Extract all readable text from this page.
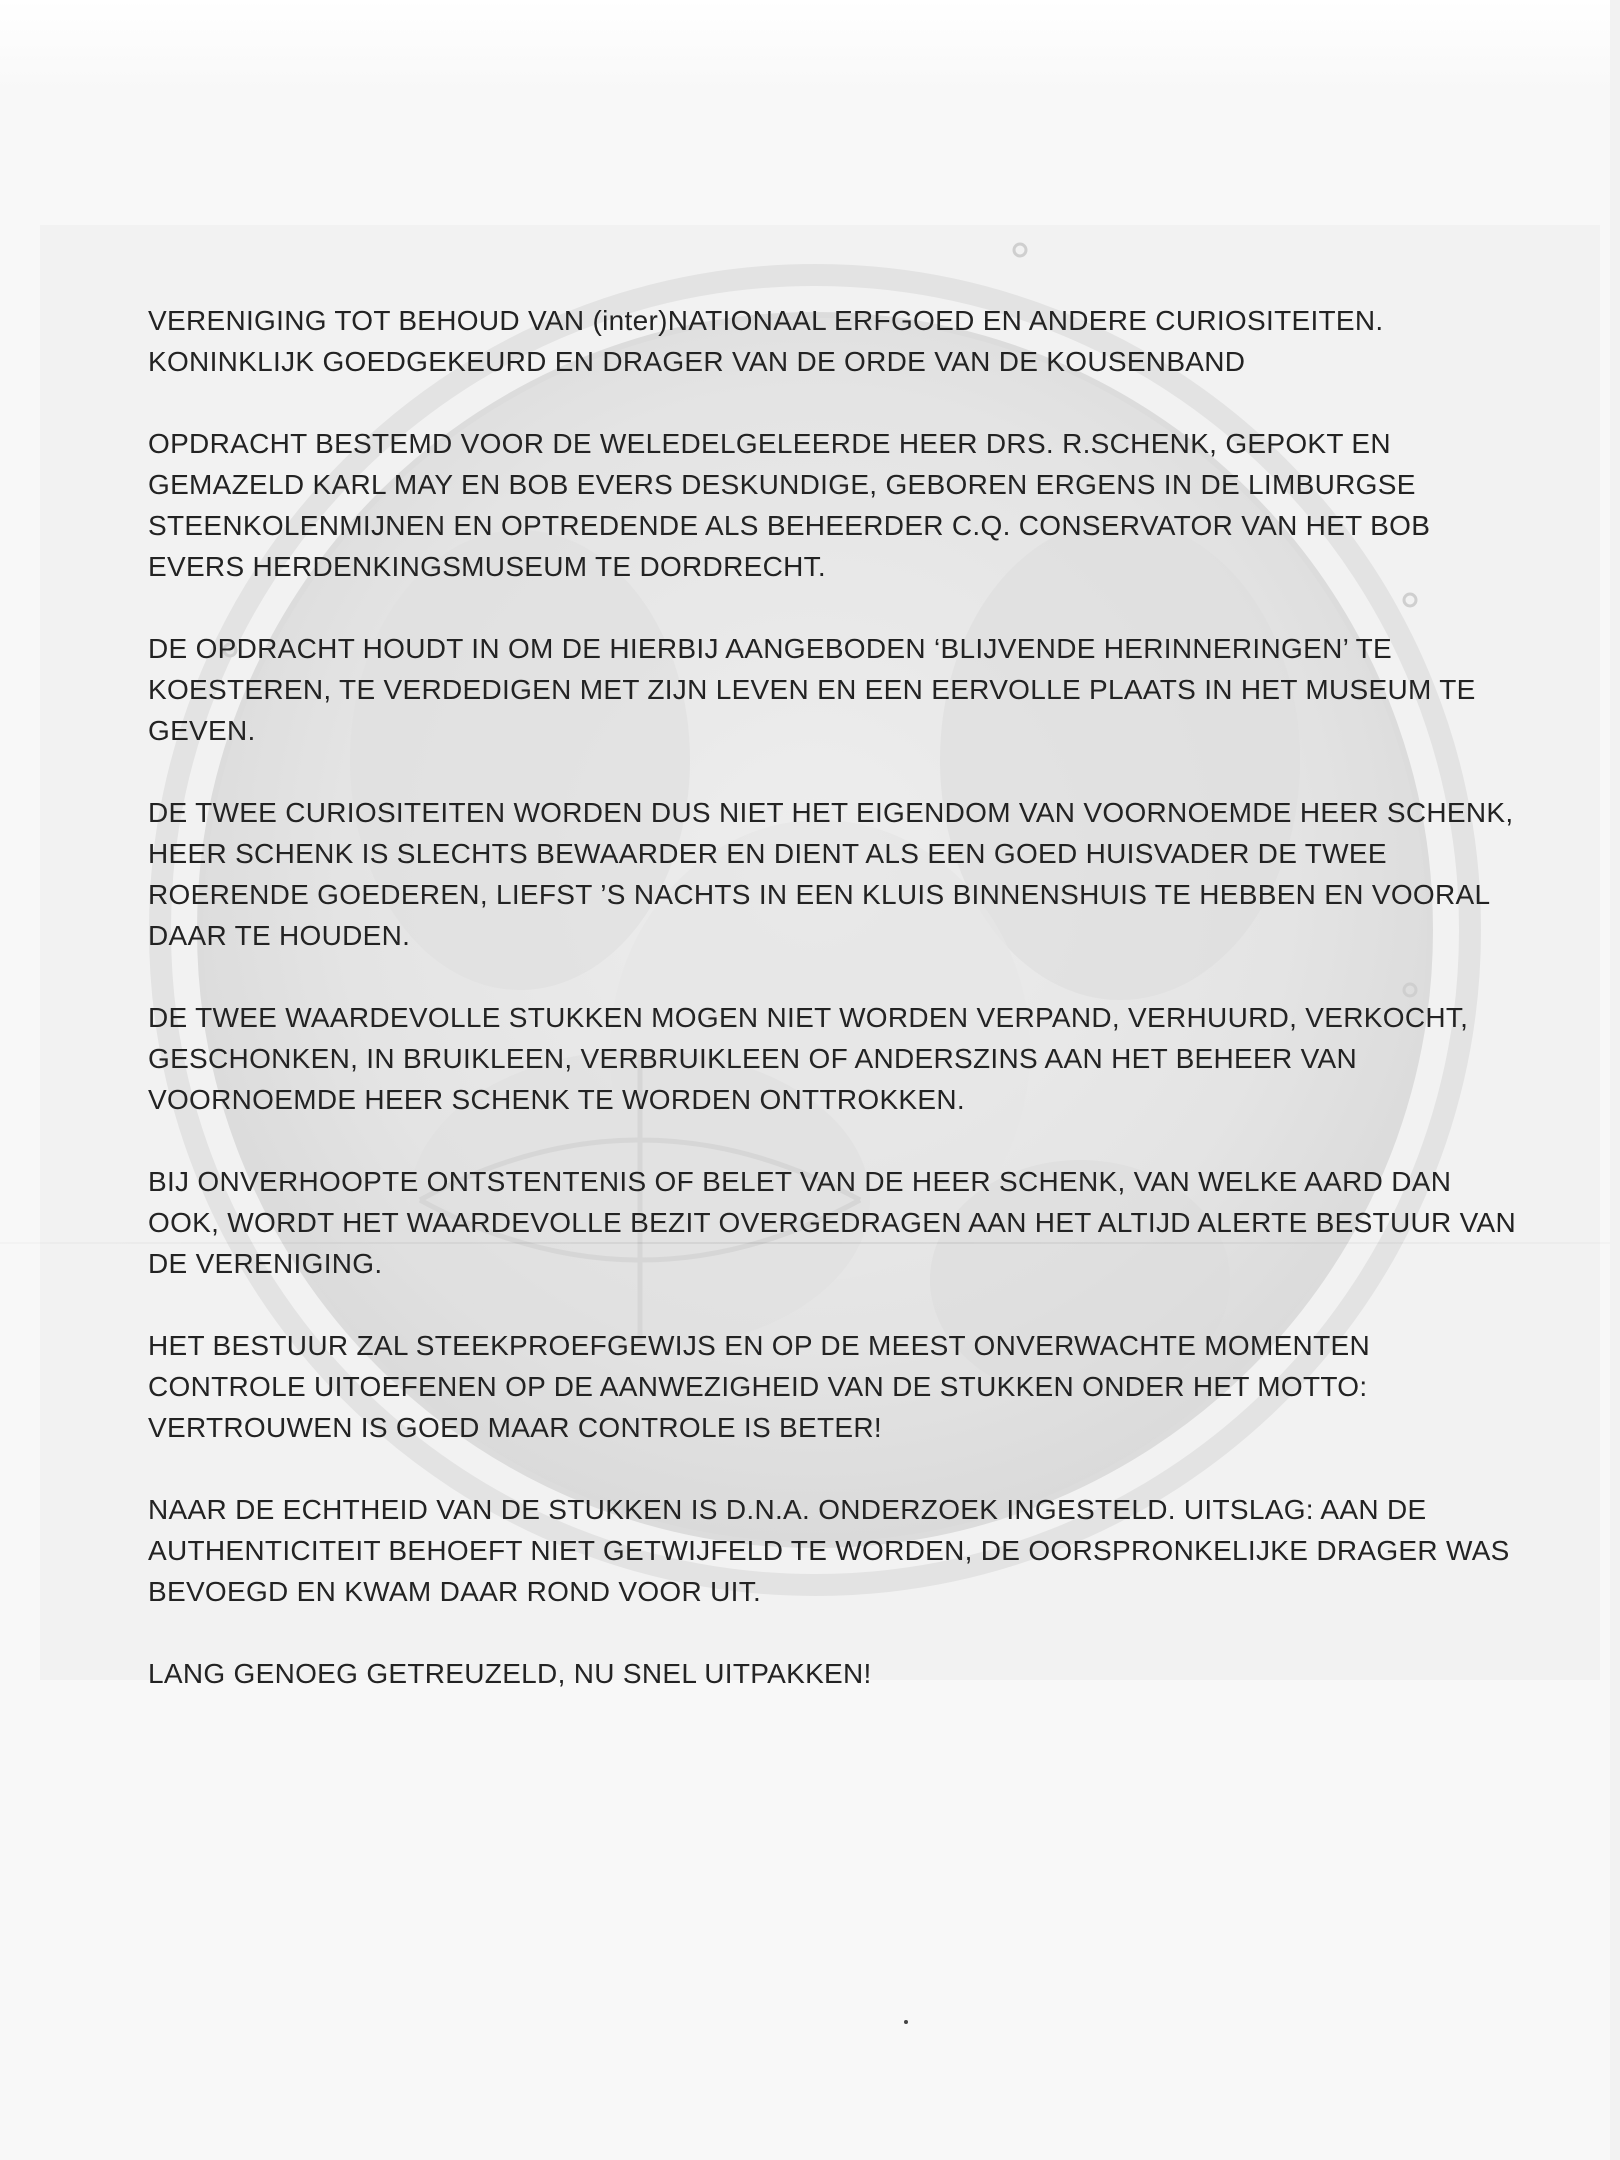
VERENIGING TOT BEHOUD VAN (inter)NATIONAAL ERFGOED EN ANDERE CURIOSITEITEN. KONINKLIJK GOEDGEKEURD EN DRAGER VAN DE ORDE VAN DE KOUSENBAND

OPDRACHT BESTEMD VOOR DE WELEDELGELEERDE HEER DRS. R.SCHENK, GEPOKT EN GEMAZELD KARL MAY EN BOB EVERS DESKUNDIGE, GEBOREN ERGENS IN DE LIMBURGSE STEENKOLENMIJNEN EN OPTREDENDE ALS BEHEERDER C.Q. CONSERVATOR VAN HET BOB EVERS HERDENKINGSMUSEUM TE DORDRECHT.

DE OPDRACHT HOUDT IN OM DE HIERBIJ AANGEBODEN ‘BLIJVENDE HERINNERINGEN’ TE KOESTEREN, TE VERDEDIGEN MET ZIJN LEVEN EN EEN EERVOLLE PLAATS IN HET MUSEUM TE GEVEN.

DE TWEE CURIOSITEITEN WORDEN DUS NIET HET EIGENDOM VAN VOORNOEMDE HEER SCHENK, HEER SCHENK IS SLECHTS BEWAARDER EN DIENT ALS EEN GOED HUISVADER DE TWEE ROERENDE GOEDEREN, LIEFST ’S NACHTS IN EEN KLUIS BINNENSHUIS TE HEBBEN EN VOORAL DAAR TE HOUDEN.

DE TWEE WAARDEVOLLE STUKKEN MOGEN NIET WORDEN VERPAND, VERHUURD, VERKOCHT, GESCHONKEN, IN BRUIKLEEN, VERBRUIKLEEN OF ANDERSZINS AAN HET BEHEER VAN VOORNOEMDE HEER SCHENK TE WORDEN ONTTROKKEN.

BIJ ONVERHOOPTE ONTSTENTENIS OF BELET VAN DE HEER SCHENK, VAN WELKE AARD DAN OOK, WORDT HET WAARDEVOLLE BEZIT OVERGEDRAGEN AAN HET ALTIJD ALERTE BESTUUR VAN DE VERENIGING.

HET BESTUUR ZAL STEEKPROEFGEWIJS EN OP DE MEEST ONVERWACHTE MOMENTEN CONTROLE UITOEFENEN OP DE AANWEZIGHEID VAN DE STUKKEN ONDER HET MOTTO: VERTROUWEN IS GOED MAAR CONTROLE IS BETER!

NAAR DE ECHTHEID VAN DE STUKKEN IS D.N.A. ONDERZOEK INGESTELD. UITSLAG: AAN DE AUTHENTICITEIT BEHOEFT NIET GETWIJFELD TE WORDEN, DE OORSPRONKELIJKE DRAGER WAS BEVOEGD EN KWAM DAAR ROND VOOR UIT.

LANG GENOEG GETREUZELD, NU SNEL UITPAKKEN!
